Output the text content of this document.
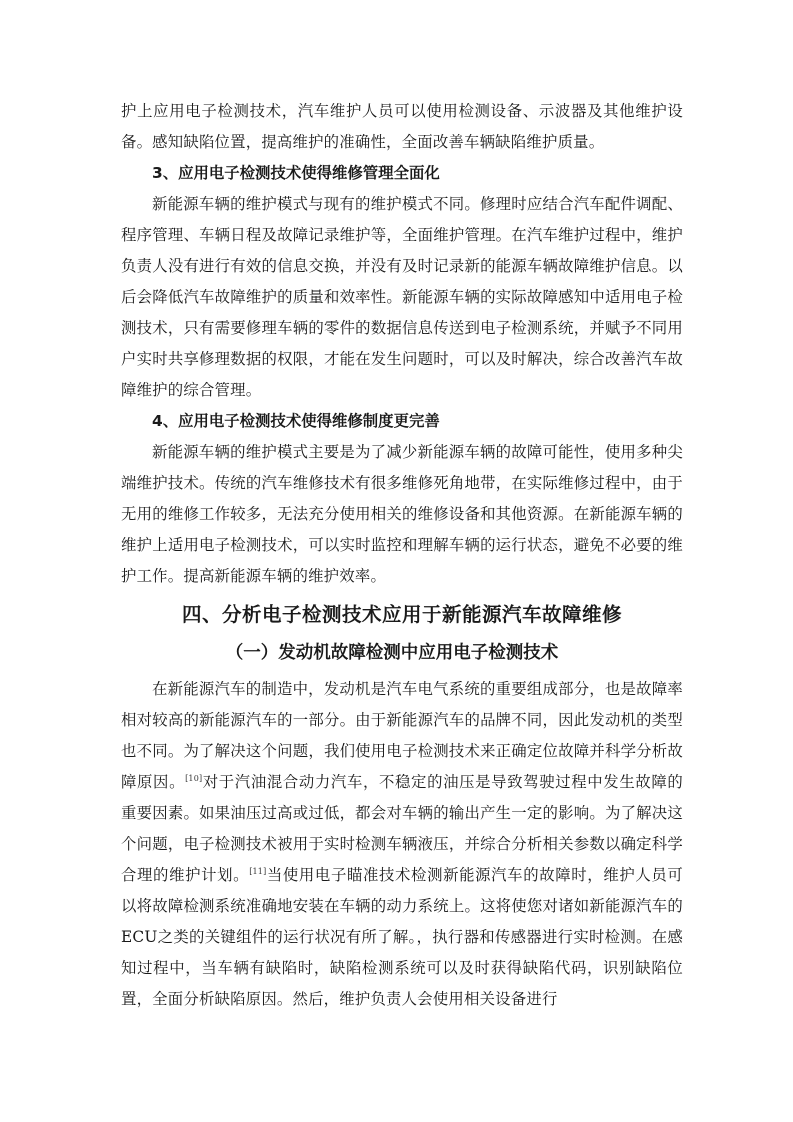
护上应用电子检测技术，汽车维护人员可以使用检测设备、示波器及其他维护设备。感知缺陷位置，提高维护的准确性，全面改善车辆缺陷维护质量。

3、应用电子检测技术使得维修管理全面化

新能源车辆的维护模式与现有的维护模式不同。修理时应结合汽车配件调配、程序管理、车辆日程及故障记录维护等，全面维护管理。在汽车维护过程中，维护负责人没有进行有效的信息交换，并没有及时记录新的能源车辆故障维护信息。以后会降低汽车故障维护的质量和效率性。新能源车辆的实际故障感知中适用电子检测技术，只有需要修理车辆的零件的数据信息传送到电子检测系统，并赋予不同用户实时共享修理数据的权限，才能在发生问题时，可以及时解决，综合改善汽车故障维护的综合管理。

4、应用电子检测技术使得维修制度更完善

新能源车辆的维护模式主要是为了减少新能源车辆的故障可能性，使用多种尖端维护技术。传统的汽车维修技术有很多维修死角地带，在实际维修过程中，由于无用的维修工作较多，无法充分使用相关的维修设备和其他资源。在新能源车辆的维护上适用电子检测技术，可以实时监控和理解车辆的运行状态，避免不必要的维护工作。提高新能源车辆的维护效率。

四、分析电子检测技术应用于新能源汽车故障维修
（一）发动机故障检测中应用电子检测技术

在新能源汽车的制造中，发动机是汽车电气系统的重要组成部分，也是故障率相对较高的新能源汽车的一部分。由于新能源汽车的品牌不同，因此发动机的类型也不同。为了解决这个问题，我们使用电子检测技术来正确定位故障并科学分析故障原因。[10]对于汽油混合动力汽车，不稳定的油压是导致驾驶过程中发生故障的重要因素。如果油压过高或过低，都会对车辆的输出产生一定的影响。为了解决这个问题，电子检测技术被用于实时检测车辆液压，并综合分析相关参数以确定科学合理的维护计划。[11]当使用电子瞄准技术检测新能源汽车的故障时，维护人员可以将故障检测系统准确地安装在车辆的动力系统上。这将使您对诸如新能源汽车的ECU之类的关键组件的运行状况有所了解。，执行器和传感器进行实时检测。在感知过程中，当车辆有缺陷时，缺陷检测系统可以及时获得缺陷代码，识别缺陷位置，全面分析缺陷原因。然后，维护负责人会使用相关设备进行
